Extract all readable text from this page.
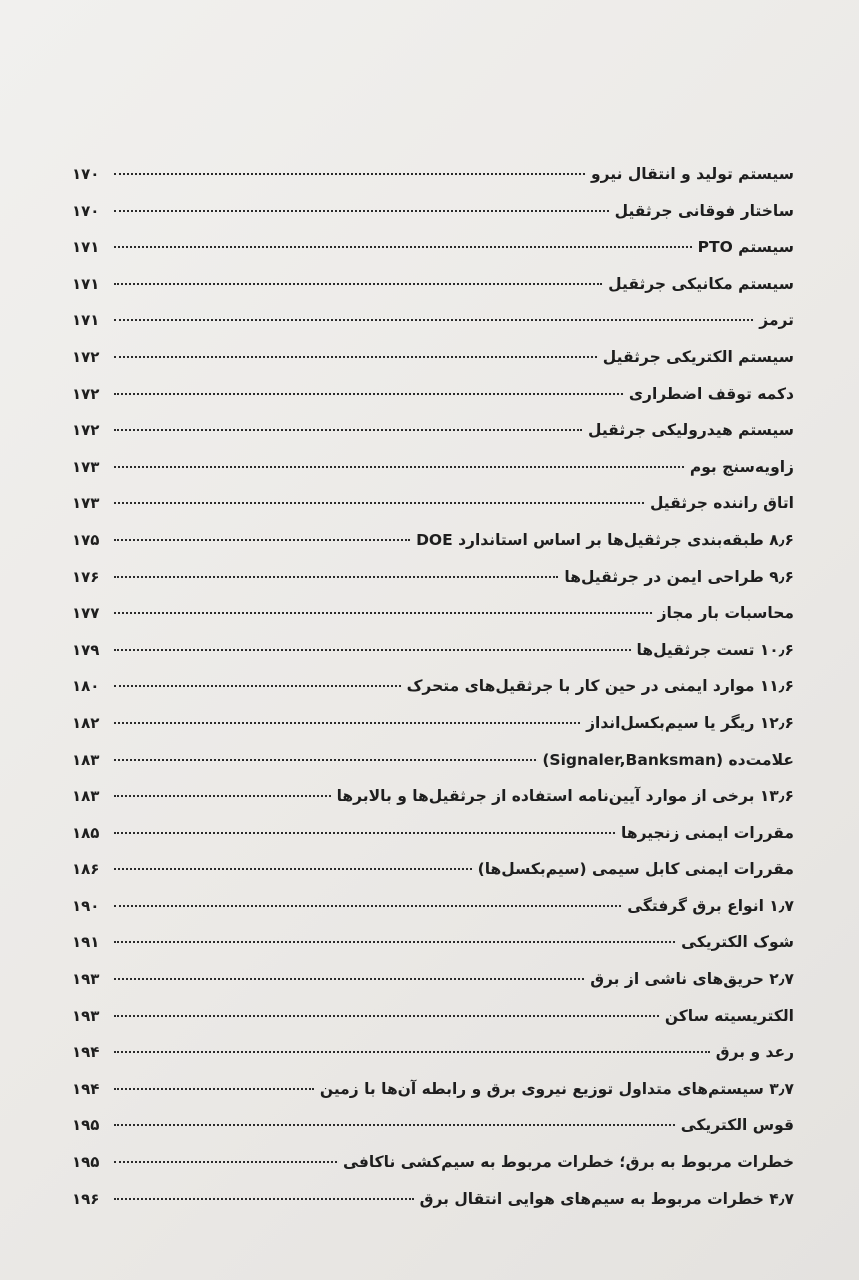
سیستم تولید و انتقال نیرو
۱۷۰
ساختار فوقانی جرثقیل
۱۷۰
سیستم PTO
۱۷۱
سیستم مکانیکی جرثقیل
۱۷۱
ترمز
۱۷۱
سیستم الکتریکی جرثقیل
۱۷۲
دکمه توقف اضطراری
۱۷۲
سیستم هیدرولیکی جرثقیل
۱۷۲
زاویه‌سنج بوم
۱۷۳
اتاق راننده جرثقیل
۱۷۳
۸٫۶ طبقه‌بندی جرثقیل‌ها بر اساس استاندارد DOE
۱۷۵
۹٫۶ طراحی ایمن در جرثقیل‌ها
۱۷۶
محاسبات بار مجاز
۱۷۷
۱۰٫۶ تست جرثقیل‌ها
۱۷۹
۱۱٫۶ موارد ایمنی در حین کار با جرثقیل‌های متحرک
۱۸۰
۱۲٫۶ ریگر یا سیم‌بکسل‌انداز
۱۸۲
علامت‌ده (Signaler,Banksman)
۱۸۳
۱۳٫۶ برخی از موارد آیین‌نامه استفاده از جرثقیل‌ها و بالابرها
۱۸۳
مقررات ایمنی زنجیرها
۱۸۵
مقررات ایمنی کابل سیمی (سیم‌بکسل‌ها)
۱۸۶
۱٫۷ انواع برق گرفتگی
۱۹۰
شوک الکتریکی
۱۹۱
۲٫۷ حریق‌های ناشی از برق
۱۹۳
الکتریسیته ساکن
۱۹۳
رعد و برق
۱۹۴
۳٫۷ سیستم‌های متداول توزیع نیروی برق و رابطه آن‌ها با زمین
۱۹۴
قوس الکتریکی
۱۹۵
خطرات مربوط به برق؛ خطرات مربوط به سیم‌کشی ناکافی
۱۹۵
۴٫۷ خطرات مربوط به سیم‌های هوایی انتقال برق
۱۹۶
